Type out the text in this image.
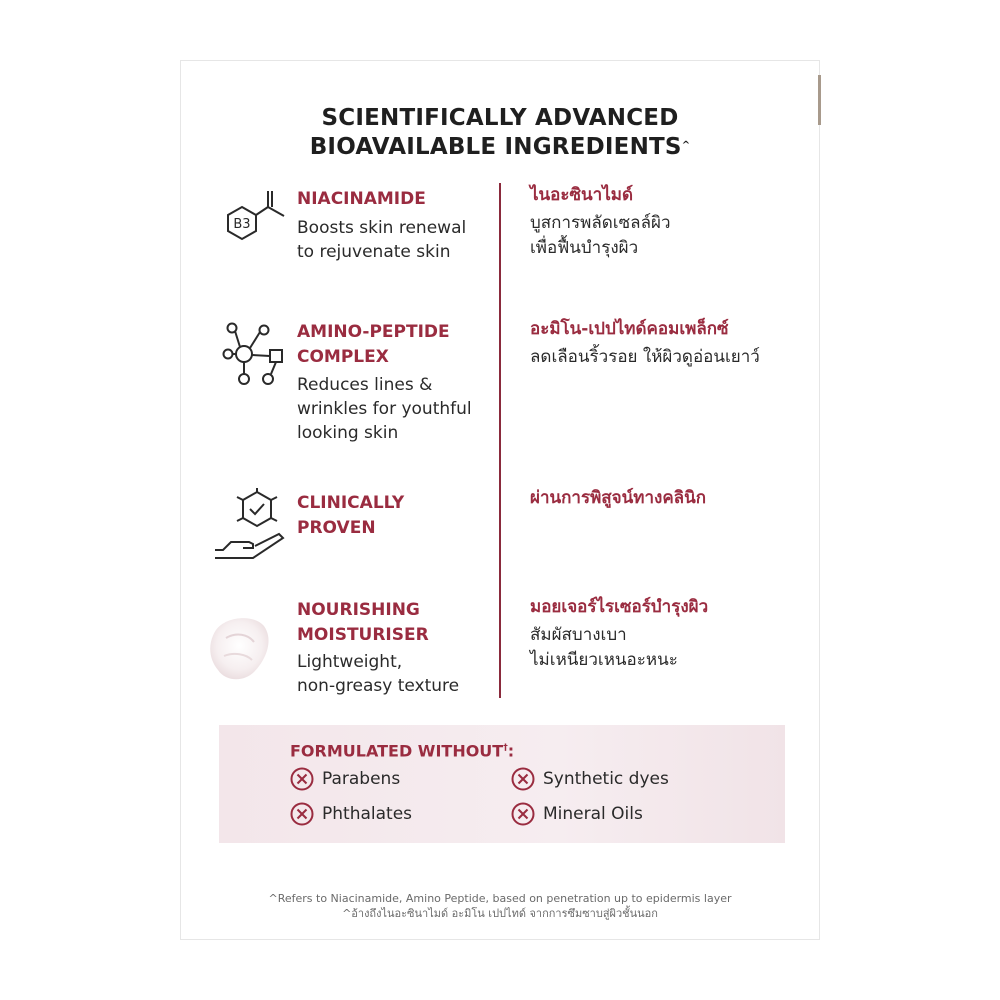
SCIENTIFICALLY ADVANCED
BIOAVAILABLE INGREDIENTS^
B3
NIACINAMIDE
Boosts skin renewal
to rejuvenate skin
ไนอะซินาไมด์
บูสการพลัดเซลล์ผิว
เพื่อฟื้นบำรุงผิว
AMINO-PEPTIDE
COMPLEX
Reduces lines &
wrinkles for youthful
looking skin
อะมิโน-เปปไทด์คอมเพล็กซ์
ลดเลือนริ้วรอย ให้ผิวดูอ่อนเยาว์
CLINICALLY
PROVEN
ผ่านการพิสูจน์ทางคลินิก
NOURISHING
MOISTURISER
Lightweight,
non-greasy texture
มอยเจอร์ไรเซอร์บำรุงผิว
สัมผัสบางเบา
ไม่เหนียวเหนอะหนะ
FORMULATED WITHOUT†:
Parabens	Synthetic dyes
Phthalates	Mineral Oils
^Refers to Niacinamide, Amino Peptide, based on penetration up to epidermis layer
^อ้างถึงไนอะซินาไมด์ อะมิโน เปปไทด์ จากการซึมซาบสู่ผิวชั้นนอก
